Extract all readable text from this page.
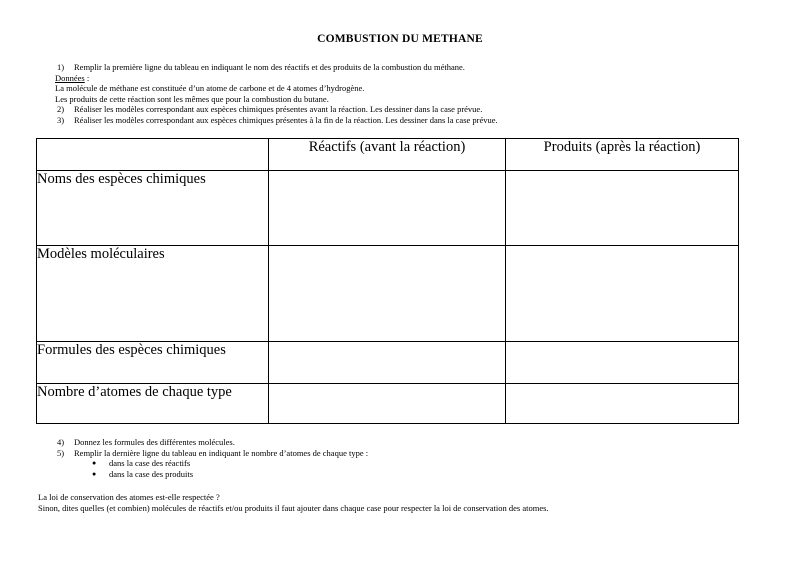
COMBUSTION DU METHANE
1) Remplir la première ligne du tableau en indiquant le nom des réactifs et des produits de la combustion du méthane.
Données :
La molécule de méthane est constituée d’un atome de carbone et de 4 atomes d’hydrogène.
Les produits de cette réaction sont les mêmes que pour la combustion du butane.
2) Réaliser les modèles correspondant aux espèces chimiques présentes avant la réaction. Les dessiner dans la case prévue.
3) Réaliser les modèles correspondant aux espèces chimiques présentes à la fin de la réaction. Les dessiner dans la case prévue.
	Réactifs (avant la réaction)	Produits (après la réaction)
Noms des espèces chimiques		
Modèles moléculaires		
Formules des espèces chimiques		
Nombre d’atomes de chaque type		
4) Donnez les formules des différentes molécules.
5) Remplir la dernière ligne du tableau en indiquant le nombre d’atomes de chaque type :
● dans la case des réactifs
● dans la case des produits
La loi de conservation des atomes est-elle respectée ?
Sinon, dites quelles (et combien) molécules de réactifs et/ou produits il faut ajouter dans chaque case pour respecter la loi de conservation des atomes.
